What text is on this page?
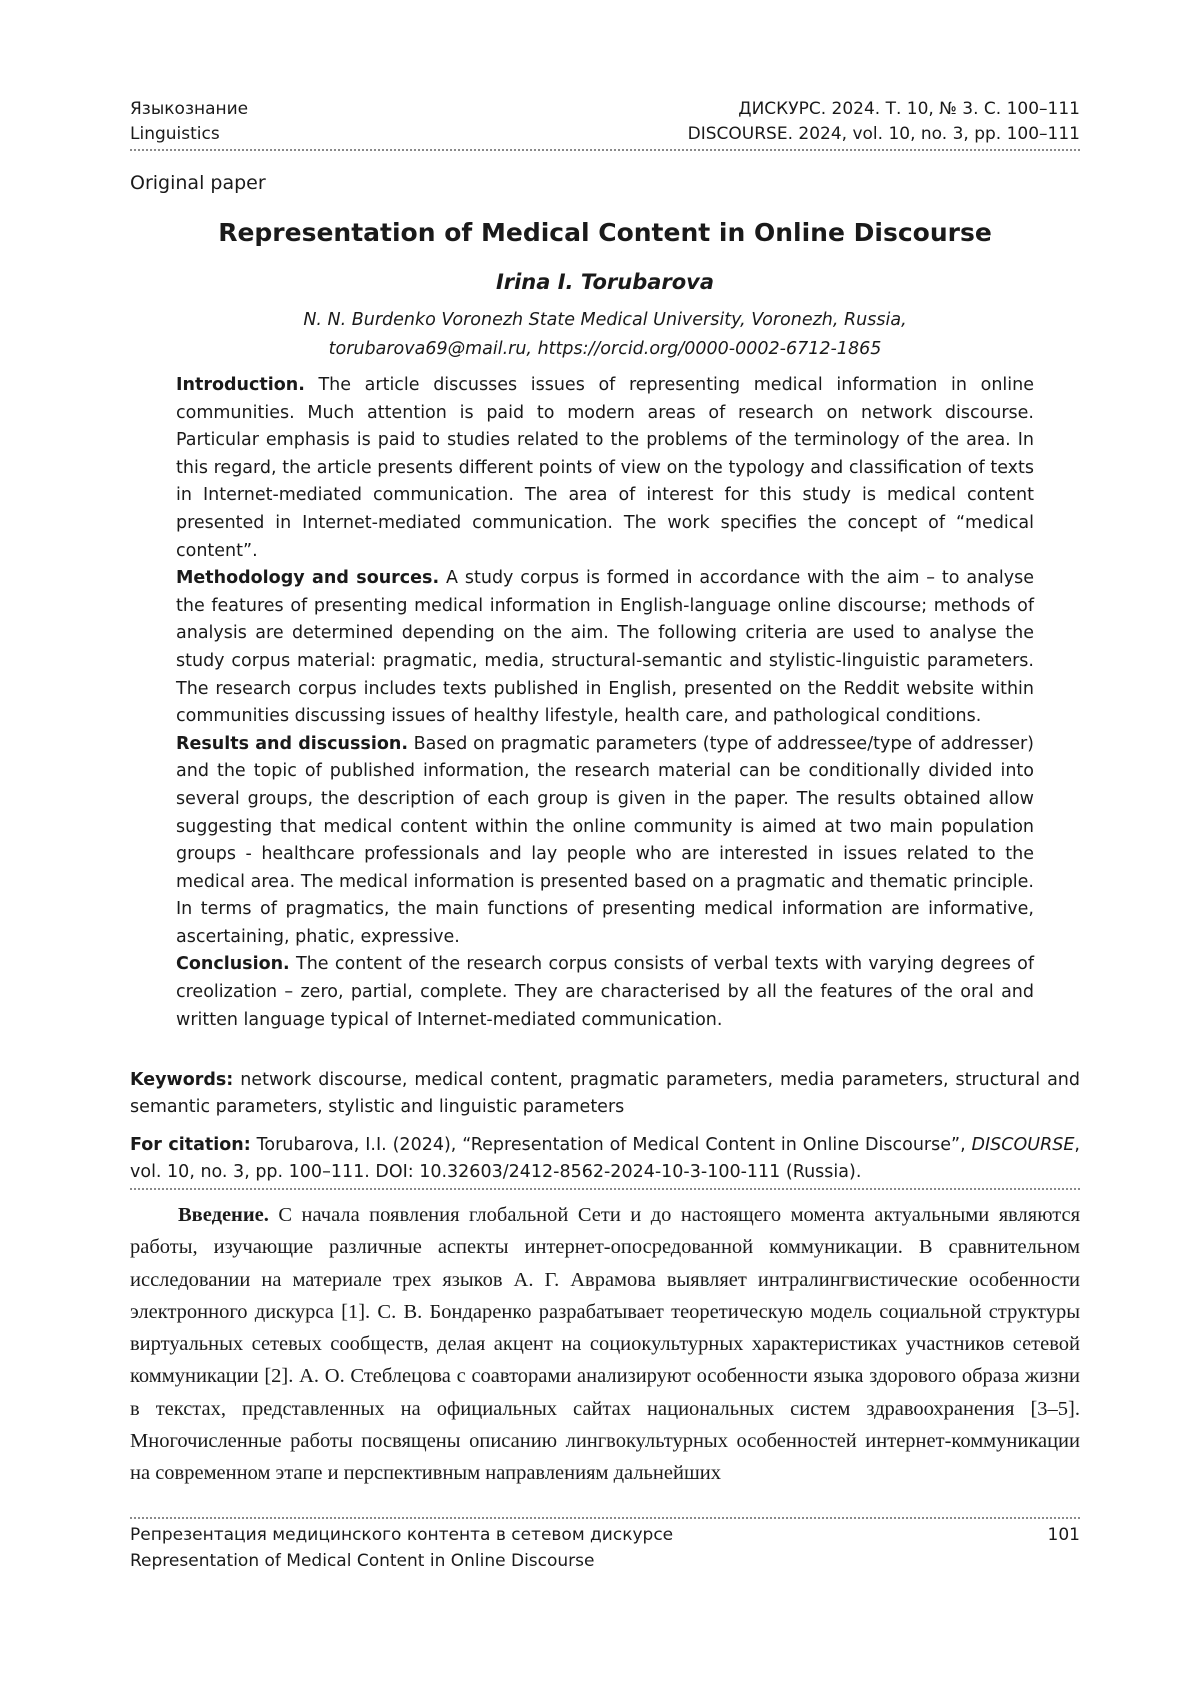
Языкознание	ДИСКУРС. 2024. Т. 10, № 3. С. 100–111
Linguistics	DISCOURSE. 2024, vol. 10, no. 3, pp. 100–111
Original paper
Representation of Medical Content in Online Discourse
Irina I. Torubarova
N. N. Burdenko Voronezh State Medical University, Voronezh, Russia,
torubarova69@mail.ru, https://orcid.org/0000-0002-6712-1865

Introduction. The article discusses issues of representing medical information in online communities. Much attention is paid to modern areas of research on network discourse. Particular emphasis is paid to studies related to the problems of the terminology of the area. In this regard, the article presents different points of view on the typology and classification of texts in Internet-mediated communication. The area of interest for this study is medical content presented in Internet-mediated communication. The work specifies the concept of “medical content”.

Methodology and sources. A study corpus is formed in accordance with the aim – to analyse the features of presenting medical information in English-language online discourse; methods of analysis are determined depending on the aim. The following criteria are used to analyse the study corpus material: pragmatic, media, structural-semantic and stylistic-linguistic parameters. The research corpus includes texts published in English, presented on the Reddit website within communities discussing issues of healthy lifestyle, health care, and pathological conditions.

Results and discussion. Based on pragmatic parameters (type of addressee/type of addresser) and the topic of published information, the research material can be conditionally divided into several groups, the description of each group is given in the paper. The results obtained allow suggesting that medical content within the online community is aimed at two main population groups - healthcare professionals and lay people who are interested in issues related to the medical area. The medical information is presented based on a pragmatic and thematic principle. In terms of pragmatics, the main functions of presenting medical information are informative, ascertaining, phatic, expressive.

Conclusion. The content of the research corpus consists of verbal texts with varying degrees of creolization – zero, partial, complete. They are characterised by all the features of the oral and written language typical of Internet-mediated communication.

Keywords: network discourse, medical content, pragmatic parameters, media parameters, structural and semantic parameters, stylistic and linguistic parameters
For citation: Torubarova, I.I. (2024), “Representation of Medical Content in Online Discourse”, DISCOURSE, vol. 10, no. 3, pp. 100–111. DOI: 10.32603/2412-8562-2024-10-3-100-111 (Russia).
Введение. С начала появления глобальной Сети и до настоящего момента актуальными являются работы, изучающие различные аспекты интернет-опосредованной коммуникации. В сравнительном исследовании на материале трех языков А. Г. Аврамова выявляет интралингвистические особенности электронного дискурса [1]. С. В. Бондаренко разрабатывает теоретическую модель социальной структуры виртуальных сетевых сообществ, делая акцент на социокультурных характеристиках участников сетевой коммуникации [2]. А. О. Стеблецова с соавторами анализируют особенности языка здорового образа жизни в текстах, представленных на официальных сайтах национальных систем здравоохранения [3–5]. Многочисленные работы посвящены описанию лингвокультурных особенностей интернет-коммуникации на современном этапе и перспективным направлениям дальнейших
Репрезентация медицинского контента в сетевом дискурсе	101
Representation of Medical Content in Online Discourse
